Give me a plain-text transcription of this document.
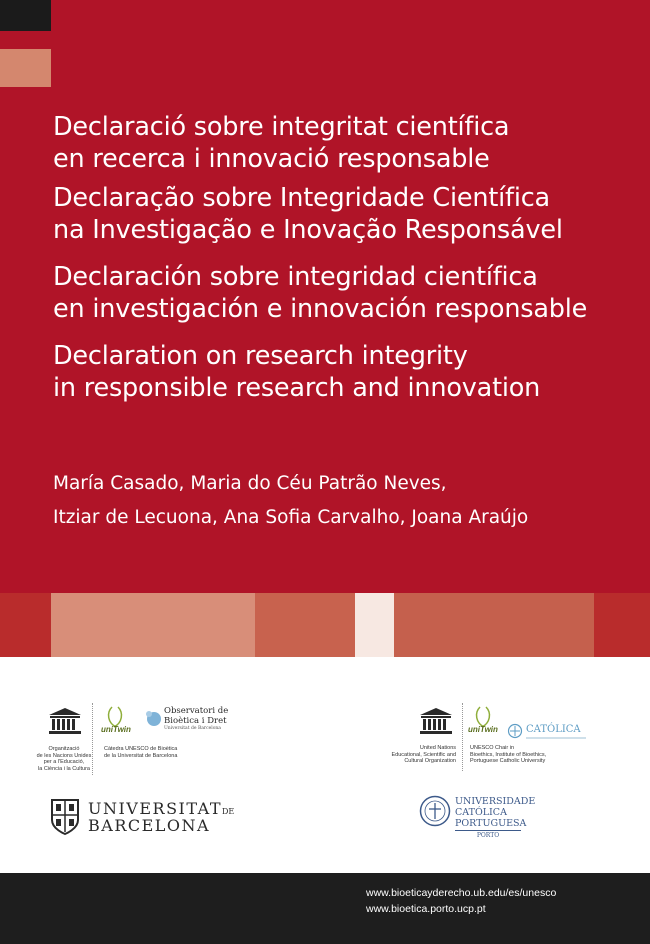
Declaració sobre integritat científica
en recerca i innovació responsable
Declaração sobre Integridade Científica
na Investigação e Inovação Responsável
Declaración sobre integridad científica
en investigación e innovación responsable
Declaration on research integrity
in responsible research and innovation
María Casado, Maria do Céu Patrão Neves,
Itziar de Lecuona, Ana Sofia Carvalho, Joana Araújo
Organització
de les Nacions Unides
per a l'Educació,
la Ciència i la Cultura
uniTwin
Observatori de
Bioètica i Dret
Universitat de Barcelona
Càtedra UNESCO de Bioètica
de la Universitat de Barcelona
UNIVERSITATDE
BARCELONA
United Nations
Educational, Scientific and
Cultural Organization
uniTwin	CATÓLICA
UNESCO Chair in
Bioethics, Institute of Bioethics,
Portuguese Catholic University
UNIVERSIDADE
CATÓLICA
PORTUGUESA
PORTO
www.bioeticayderecho.ub.edu/es/unesco
www.bioetica.porto.ucp.pt
